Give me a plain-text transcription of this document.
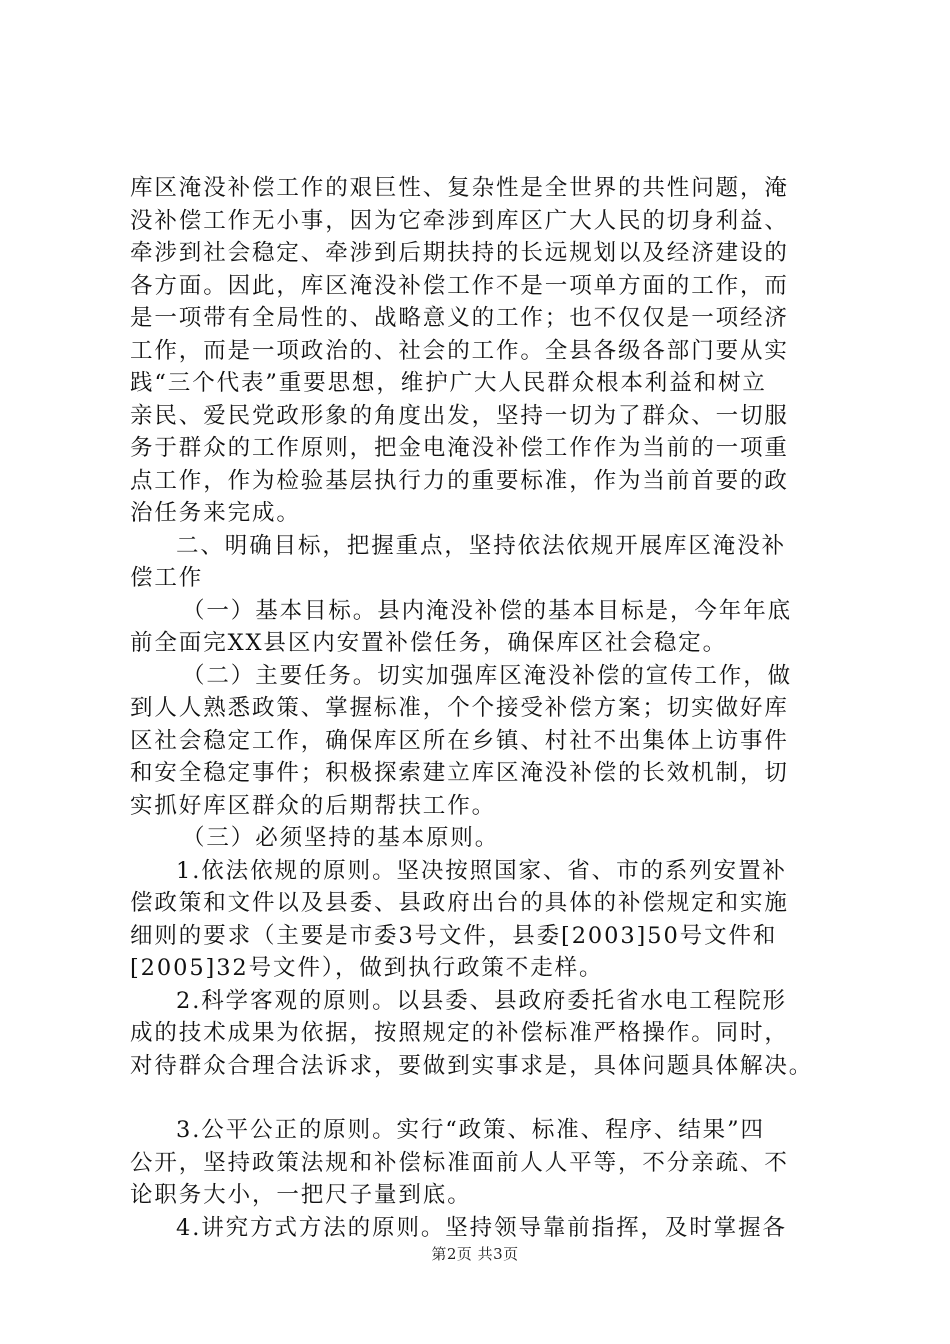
库区淹没补偿工作的艰巨性、复杂性是全世界的共性问题，淹
没补偿工作无小事，因为它牵涉到库区广大人民的切身利益、
牵涉到社会稳定、牵涉到后期扶持的长远规划以及经济建设的
各方面。因此，库区淹没补偿工作不是一项单方面的工作，而
是一项带有全局性的、战略意义的工作；也不仅仅是一项经济
工作，而是一项政治的、社会的工作。全县各级各部门要从实
践“三个代表”重要思想，维护广大人民群众根本利益和树立
亲民、爱民党政形象的角度出发，坚持一切为了群众、一切服
务于群众的工作原则，把金电淹没补偿工作作为当前的一项重
点工作，作为检验基层执行力的重要标准，作为当前首要的政
治任务来完成。
二、明确目标，把握重点，坚持依法依规开展库区淹没补
偿工作
（一）基本目标。县内淹没补偿的基本目标是，今年年底
前全面完XX县区内安置补偿任务，确保库区社会稳定。
（二）主要任务。切实加强库区淹没补偿的宣传工作，做
到人人熟悉政策、掌握标准，个个接受补偿方案；切实做好库
区社会稳定工作，确保库区所在乡镇、村社不出集体上访事件
和安全稳定事件；积极探索建立库区淹没补偿的长效机制，切
实抓好库区群众的后期帮扶工作。
（三）必须坚持的基本原则。
1.依法依规的原则。坚决按照国家、省、市的系列安置补
偿政策和文件以及县委、县政府出台的具体的补偿规定和实施
细则的要求（主要是市委3号文件，县委[2003]50号文件和
[2005]32号文件），做到执行政策不走样。
2.科学客观的原则。以县委、县政府委托省水电工程院形
成的技术成果为依据，按照规定的补偿标准严格操作。同时，
对待群众合理合法诉求，要做到实事求是，具体问题具体解决。
3.公平公正的原则。实行“政策、标准、程序、结果”四
公开，坚持政策法规和补偿标准面前人人平等，不分亲疏、不
论职务大小，一把尺子量到底。
4.讲究方式方法的原则。坚持领导靠前指挥，及时掌握各
第2页 共3页
